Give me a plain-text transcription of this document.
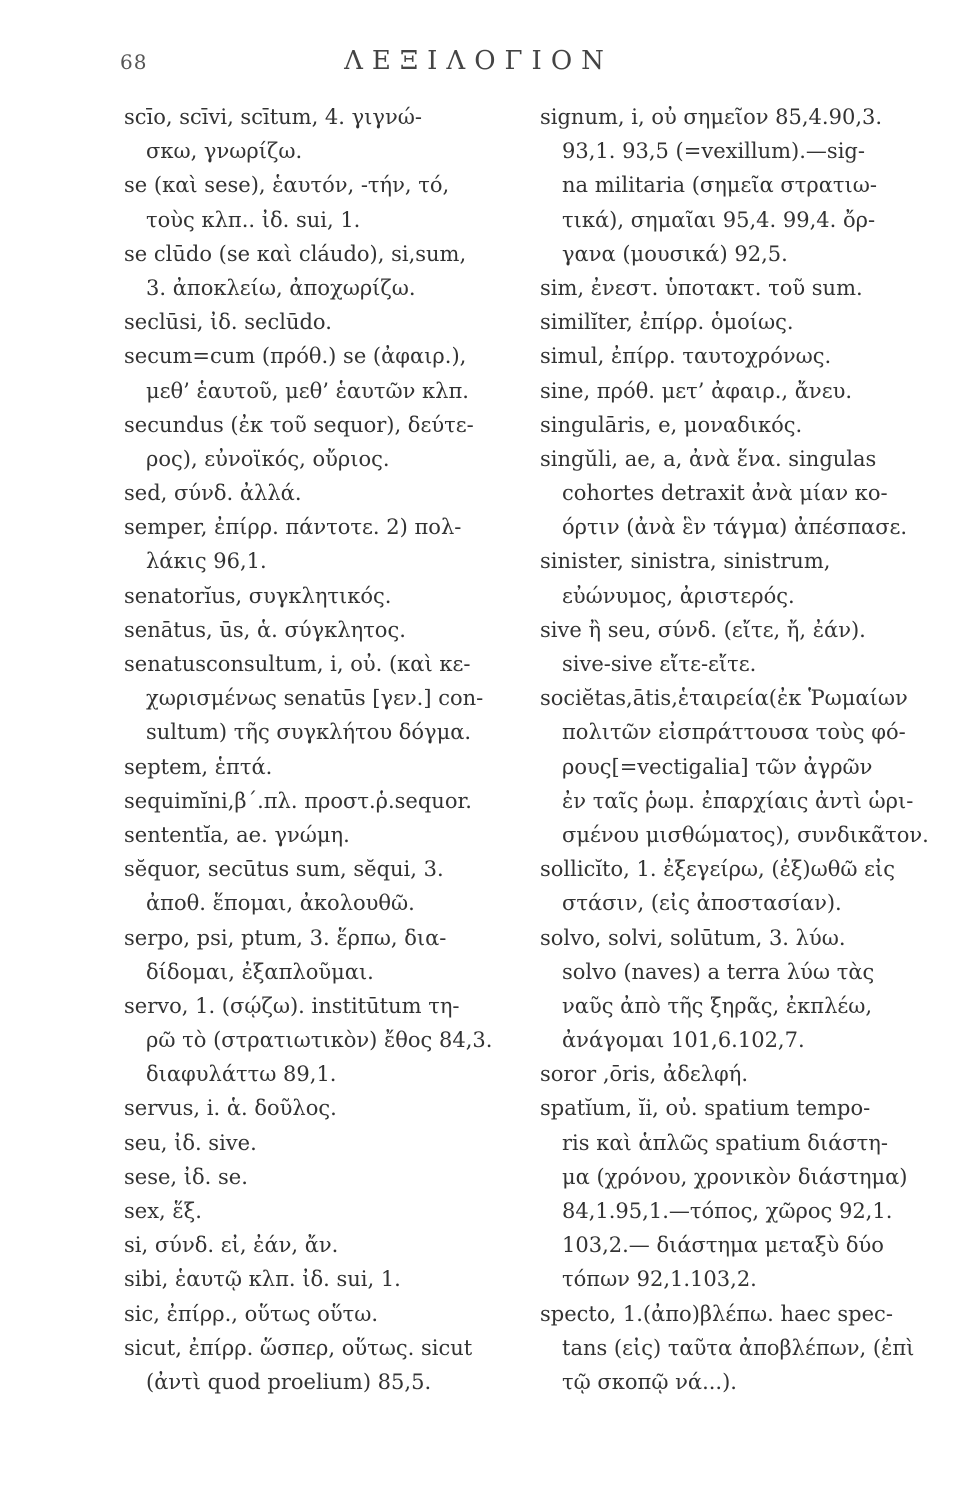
68	ΛΕΞΙΛΟΓΙΟΝ
scīo, scīvi, scītum, 4. γιγνώ-
σκω, γνωρίζω.
se (καὶ sese), ἑαυτόν, -τήν, τό,
τοὺς κλπ.. ἰδ. sui, 1.
se clūdo (se καὶ cláudo), si,sum,
3. ἀποκλείω, ἀποχωρίζω.
seclūsi, ἰδ. seclūdo.
secum=cum (πρόθ.) se (ἀφαιρ.),
μεθ’ ἑαυτοῦ, μεθ’ ἑαυτῶν κλπ.
secundus (ἐκ τοῦ sequor), δεύτε-
ρος), εὐνοϊκός, οὔριος.
sed, σύνδ. ἀλλά.
semper, ἐπίρρ. πάντοτε. 2) πολ-
λάκις 96,1.
senatorĭus, συγκλητικός.
senātus, ūs, ἁ. σύγκλητος.
senatusconsultum, i, οὐ. (καὶ κε-
χωρισμένως senatūs [γεν.] con-
sultum) τῆς συγκλήτου δόγμα.
septem, ἑπτά.
sequimĭni,β΄.πλ. προστ.ῥ.sequor.
sententĭa, ae. γνώμη.
sĕquor, secūtus sum, sĕqui, 3.
ἀποθ. ἕπομαι, ἀκολουθῶ.
serpo, psi, ptum, 3. ἕρπω, δια-
δίδομαι, ἐξαπλοῦμαι.
servo, 1. (σῴζω). institūtum τη-
ρῶ τὸ (στρατιωτικὸν) ἔθος 84,3.
διαφυλάττω 89,1.
servus, i. ἁ. δοῦλος.
seu, ἰδ. sive.
sese, ἰδ. se.
sex, ἕξ.
si, σύνδ. εἰ, ἐάν, ἄν.
sibi, ἑαυτῷ κλπ. ἰδ. sui, 1.
sic, ἐπίρρ., οὕτως οὕτω.
sicut, ἐπίρρ. ὥσπερ, οὕτως. sicut
(ἀντὶ quod proelium) 85,5.
signum, i, οὐ σημεῖον 85,4.90,3.
93,1. 93,5 (=vexillum).—sig-
na militaria (σημεῖα στρατιω-
τικά), σημαῖαι 95,4. 99,4. ὄρ-
γανα (μουσικά) 92,5.
sim, ἐνεστ. ὑποτακτ. τοῦ sum.
similĭter, ἐπίρρ. ὁμοίως.
simul, ἐπίρρ. ταυτοχρόνως.
sine, πρόθ. μετ’ ἀφαιρ., ἄνευ.
singulāris, e, μοναδικός.
singŭli, ae, a, ἀνὰ ἕνα. singulas
cohortes detraxit ἀνὰ μίαν κο-
όρτιν (ἀνὰ ἓν τάγμα) ἀπέσπασε.
sinister, sinistra, sinistrum,
εὐώνυμος, ἀριστερός.
sive ἢ seu, σύνδ. (εἴτε, ἤ, ἐάν).
sive-sive εἴτε-εἴτε.
sociĕtas,ātis,ἑταιρεία(ἐκ Ῥωμαίων
πολιτῶν εἰσπράττουσα τοὺς φό-
ρους[=vectigalia] τῶν ἀγρῶν
ἐν ταῖς ῥωμ. ἐπαρχίαις ἀντὶ ὡρι-
σμένου μισθώματος), συνδικᾶτον.
sollicĭto, 1. ἐξεγείρω, (ἐξ)ωθῶ εἰς
στάσιν, (εἰς ἀποστασίαν).
solvo, solvi, solūtum, 3. λύω.
solvo (naves) a terra λύω τὰς
ναῦς ἀπὸ τῆς ξηρᾶς, ἐκπλέω,
ἀνάγομαι 101,6.102,7.
soror ,ōris, ἀδελφή.
spatĭum, ĭi, οὐ. spatium tempo-
ris καὶ ἁπλῶς spatium διάστη-
μα (χρόνου, χρονικὸν διάστημα)
84,1.95,1.—τόπος, χῶρος 92,1.
103,2.— διάστημα μεταξὺ δύο
τόπων 92,1.103,2.
specto, 1.(ἀπο)βλέπω. haec spec-
tans (εἰς) ταῦτα ἀποβλέπων, (ἐπὶ
τῷ σκοπῷ νά...).
